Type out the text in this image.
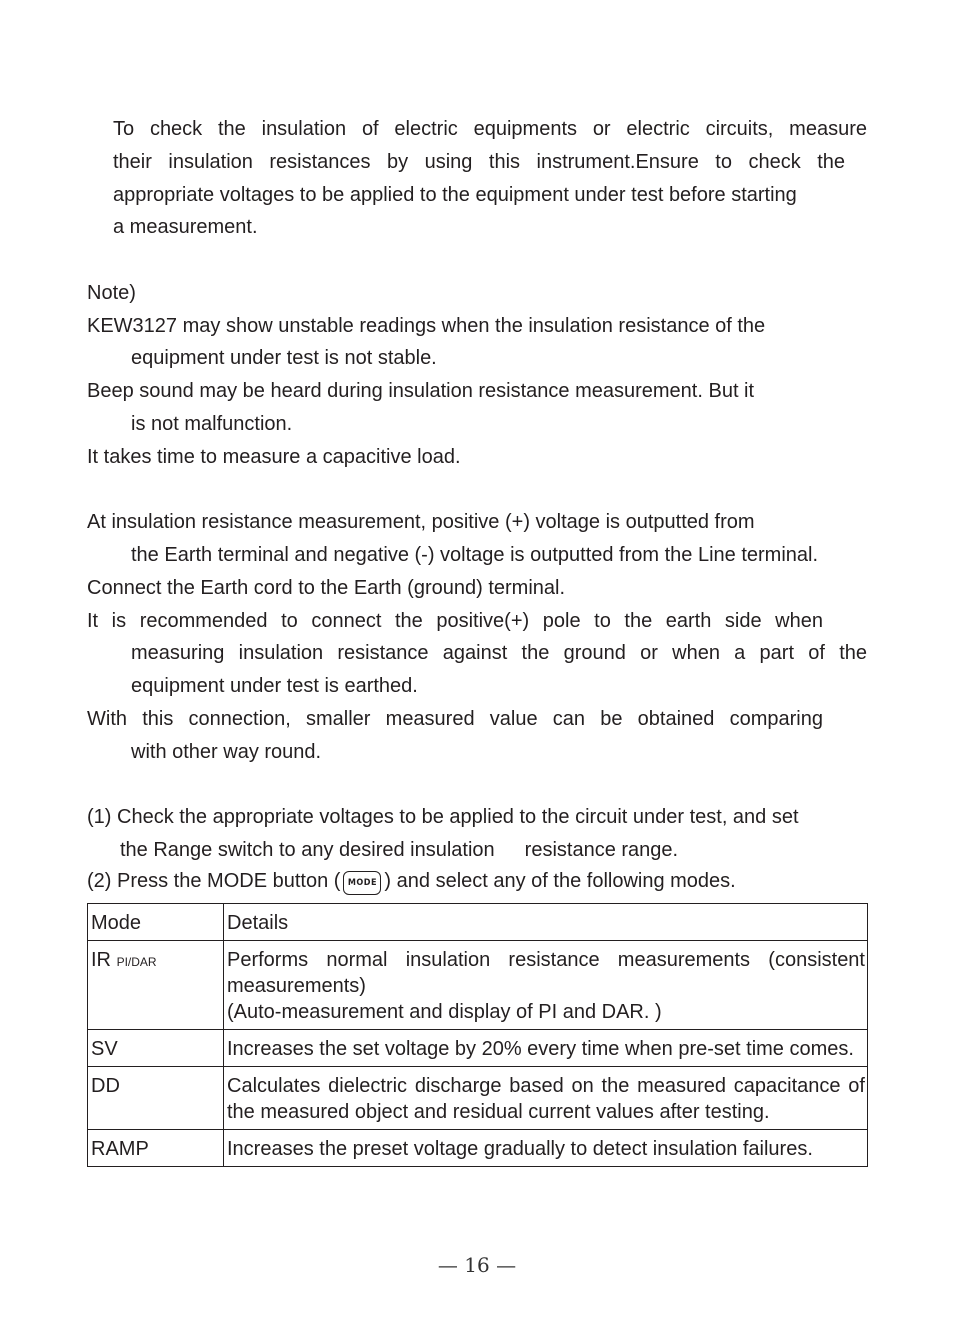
To check the insulation of electric equipments or electric circuits, measure
their insulation resistances by using this instrument.Ensure to check the
appropriate voltages to be applied to the equipment under test before starting
a measurement.
Note)
KEW3127 may show unstable readings when the insulation resistance of the
equipment under test is not stable.
Beep sound may be heard during insulation resistance measurement. But it
is not malfunction.
It takes time to measure a capacitive load.
At insulation resistance measurement, positive (+) voltage is outputted from
the Earth terminal and negative (-) voltage is outputted from the Line terminal.
Connect the Earth cord to the Earth (ground) terminal.
It is recommended to connect the positive(+) pole to the earth side when
measuring insulation resistance against the ground or when a part of the
equipment under test is earthed.
With this connection, smaller measured value can be obtained comparing
with other way round.
(1) Check the appropriate voltages to be applied to the circuit under test, and set
the Range switch to any desired insulation resistance range.
(2) Press the MODE button ( MODE ) and select any of the following modes.
Mode	Details
IR PI/DAR	Performs normal insulation resistance measurements (consistent measurements)
(Auto-measurement and display of PI and DAR. )
SV	Increases the set voltage by 20% every time when pre-set time comes.
DD	Calculates dielectric discharge based on the measured capacitance of the measured object and residual current values after testing.
RAMP	Increases the preset voltage gradually to detect insulation failures.
— 16 —
